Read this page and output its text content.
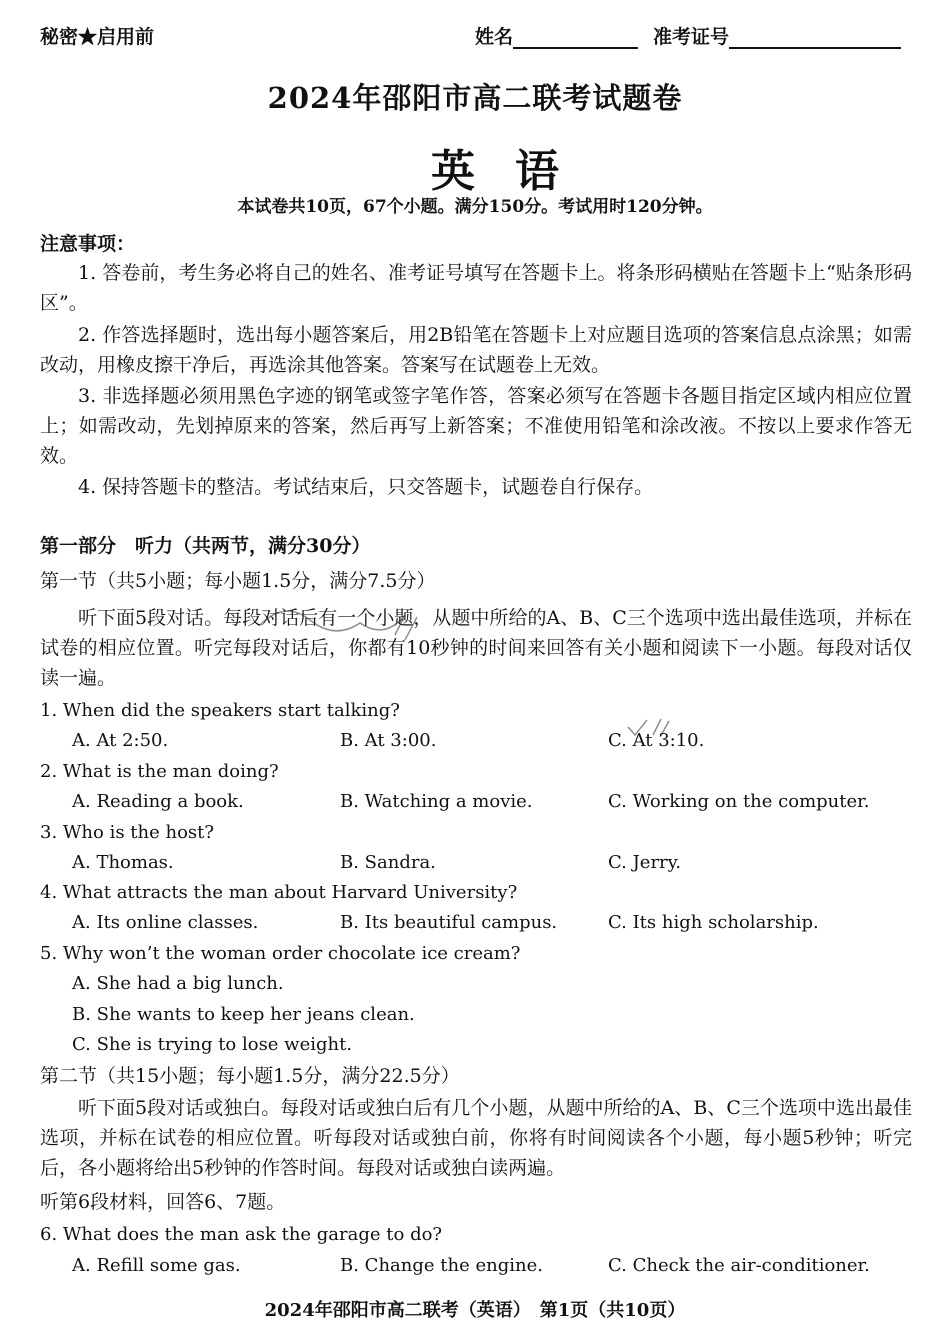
秘密★启用前	姓名	准考证号
2024年邵阳市高二联考试题卷
英语
本试卷共10页，67个小题。满分150分。考试用时120分钟。
注意事项：
1. 答卷前，考生务必将自己的姓名、准考证号填写在答题卡上。将条形码横贴在答题卡上“贴条形码区”。
2. 作答选择题时，选出每小题答案后，用2B铅笔在答题卡上对应题目选项的答案信息点涂黑；如需改动，用橡皮擦干净后，再选涂其他答案。答案写在试题卷上无效。
3. 非选择题必须用黑色字迹的钢笔或签字笔作答，答案必须写在答题卡各题目指定区域内相应位置上；如需改动，先划掉原来的答案，然后再写上新答案；不准使用铅笔和涂改液。不按以上要求作答无效。
4. 保持答题卡的整洁。考试结束后，只交答题卡，试题卷自行保存。
第一部分　听力（共两节，满分30分）
第一节（共5小题；每小题1.5分，满分7.5分）
听下面5段对话。每段对话后有一个小题，从题中所给的A、B、C三个选项中选出最佳选项，并标在试卷的相应位置。听完每段对话后，你都有10秒钟的时间来回答有关小题和阅读下一小题。每段对话仅读一遍。
1. When did the speakers start talking?
A. At 2:50.	B. At 3:00.	C. At 3:10.
2. What is the man doing?
A. Reading a book.	B. Watching a movie.	C. Working on the computer.
3. Who is the host?
A. Thomas.	B. Sandra.	C. Jerry.
4. What attracts the man about Harvard University?
A. Its online classes.	B. Its beautiful campus.	C. Its high scholarship.
5. Why won’t the woman order chocolate ice cream?
A. She had a big lunch.
B. She wants to keep her jeans clean.
C. She is trying to lose weight.
第二节（共15小题；每小题1.5分，满分22.5分）
听下面5段对话或独白。每段对话或独白后有几个小题，从题中所给的A、B、C三个选项中选出最佳选项，并标在试卷的相应位置。听每段对话或独白前，你将有时间阅读各个小题，每小题5秒钟；听完后，各小题将给出5秒钟的作答时间。每段对话或独白读两遍。
听第6段材料，回答6、7题。
6. What does the man ask the garage to do?
A. Refill some gas.	B. Change the engine.	C. Check the air-conditioner.
2024年邵阳市高二联考（英语）　第1页（共10页）
